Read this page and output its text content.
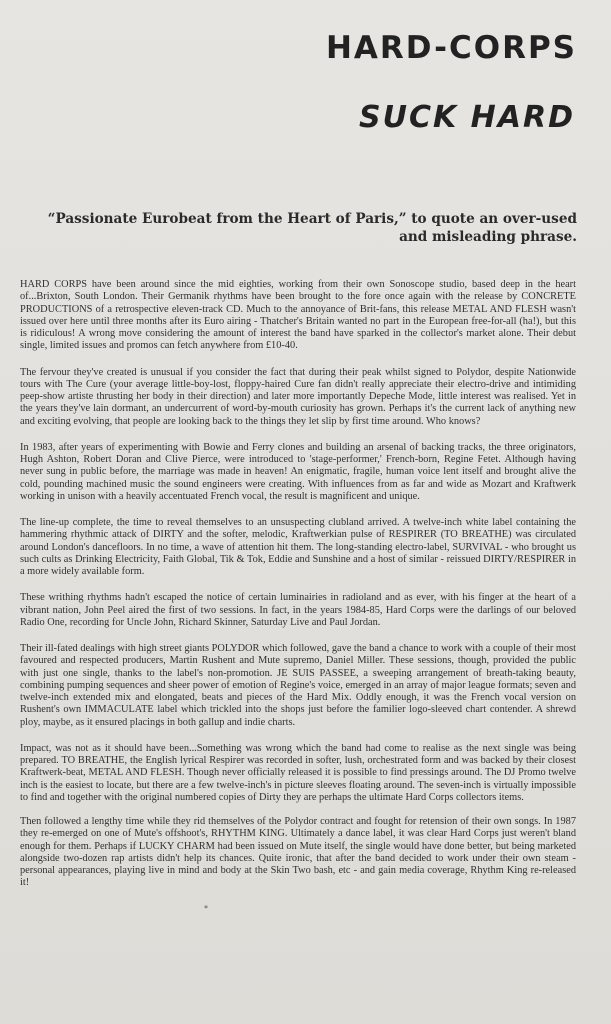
HARD-CORPS
SUCK HARD

“Passionate Eurobeat from the Heart of Paris,” to quote an over-used and misleading phrase.

HARD CORPS have been around since the mid eighties, working from their own Sonoscope studio, based deep in the heart of...Brixton, South London. Their Germanik rhythms have been brought to the fore once again with the release by CONCRETE PRODUCTIONS of a retrospective eleven-track CD. Much to the annoyance of Brit-fans, this release METAL AND FLESH wasn't issued over here until three months after its Euro airing - Thatcher's Britain wanted no part in the European free-for-all (ha!), but this is ridiculous! A wrong move considering the amount of interest the band have sparked in the collector's market alone. Their debut single, limited issues and promos can fetch anywhere from £10-40.

The fervour they've created is unusual if you consider the fact that during their peak whilst signed to Polydor, despite Nationwide tours with The Cure (your average little-boy-lost, floppy-haired Cure fan didn't really appreciate their electro-drive and intimiding peep-show artiste thrusting her body in their direction) and later more importantly Depeche Mode, little interest was realised. Yet in the years they've lain dormant, an undercurrent of word-by-mouth curiosity has grown. Perhaps it's the current lack of anything new and exciting evolving, that people are looking back to the things they let slip by first time around. Who knows?

In 1983, after years of experimenting with Bowie and Ferry clones and building an arsenal of backing tracks, the three originators, Hugh Ashton, Robert Doran and Clive Pierce, were introduced to 'stage-performer,' French-born, Regine Fetet. Although having never sung in public before, the marriage was made in heaven! An enigmatic, fragile, human voice lent itself and brought alive the cold, pounding machined music the sound engineers were creating. With influences from as far and wide as Mozart and Kraftwerk working in unison with a heavily accentuated French vocal, the result is magnificent and unique.

The line-up complete, the time to reveal themselves to an unsuspecting clubland arrived. A twelve-inch white label containing the hammering rhythmic attack of DIRTY and the softer, melodic, Kraftwerkian pulse of RESPIRER (TO BREATHE) was circulated around London's dancefloors. In no time, a wave of attention hit them. The long-standing electro-label, SURVIVAL - who brought us such cults as Drinking Electricity, Faith Global, Tik & Tok, Eddie and Sunshine and a host of similar - reissued DIRTY/RESPIRER in a more widely available form.

These writhing rhythms hadn't escaped the notice of certain luminairies in radioland and as ever, with his finger at the heart of a vibrant nation, John Peel aired the first of two sessions. In fact, in the years 1984-85, Hard Corps were the darlings of our beloved Radio One, recording for Uncle John, Richard Skinner, Saturday Live and Paul Jordan.

Their ill-fated dealings with high street giants POLYDOR which followed, gave the band a chance to work with a couple of their most favoured and respected producers, Martin Rushent and Mute supremo, Daniel Miller. These sessions, though, provided the public with just one single, thanks to the label's non-promotion. JE SUIS PASSEE, a sweeping arrangement of breath-taking beauty, combining pumping sequences and sheer power of emotion of Regine's voice, emerged in an array of major league formats; seven and twelve-inch extended mix and elongated, beats and pieces of the Hard Mix. Oddly enough, it was the French vocal version on Rushent's own IMMACULATE label which trickled into the shops just before the familier logo-sleeved chart contender. A shrewd ploy, maybe, as it ensured placings in both gallup and indie charts.

Impact, was not as it should have been...Something was wrong which the band had come to realise as the next single was being prepared. TO BREATHE, the English lyrical Respirer was recorded in softer, lush, orchestrated form and was backed by their closest Kraftwerk-beat, METAL AND FLESH. Though never officially released it is possible to find pressings around. The DJ Promo twelve inch is the easiest to locate, but there are a few twelve-inch's in picture sleeves floating around. The seven-inch is virtually impossible to find and together with the original numbered copies of Dirty they are perhaps the ultimate Hard Corps collectors items.

Then followed a lengthy time while they rid themselves of the Polydor contract and fought for retension of their own songs. In 1987 they re-emerged on one of Mute's offshoot's, RHYTHM KING. Ultimately a dance label, it was clear Hard Corps just weren't bland enough for them. Perhaps if LUCKY CHARM had been issued on Mute itself, the single would have done better, but being marketed alongside two-dozen rap artists didn't help its chances. Quite ironic, that after the band decided to work under their own steam - personal appearances, playing live in mind and body at the Skin Two bash, etc - and gain media coverage, Rhythm King re-released it!

*
